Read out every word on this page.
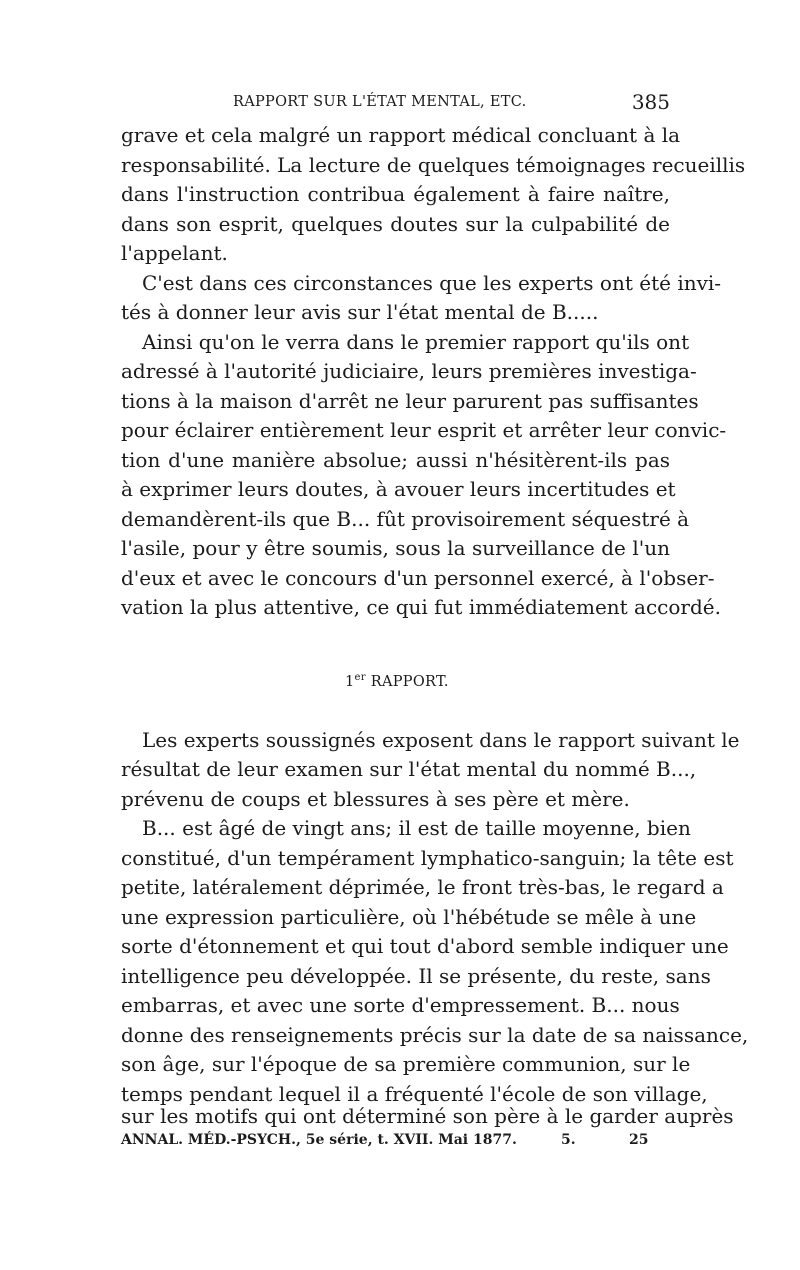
RAPPORT SUR L'ÉTAT MENTAL, ETC.	385
grave et cela malgré un rapport médical concluant à la
responsabilité. La lecture de quelques témoignages recueillis
dans l'instruction contribua également à faire naître,
dans son esprit, quelques doutes sur la culpabilité de
l'appelant.
C'est dans ces circonstances que les experts ont été invi-
tés à donner leur avis sur l'état mental de B.....
Ainsi qu'on le verra dans le premier rapport qu'ils ont
adressé à l'autorité judiciaire, leurs premières investiga-
tions à la maison d'arrêt ne leur parurent pas suffisantes
pour éclairer entièrement leur esprit et arrêter leur convic-
tion d'une manière absolue; aussi n'hésitèrent-ils pas
à exprimer leurs doutes, à avouer leurs incertitudes et
demandèrent-ils que B... fût provisoirement séquestré à
l'asile, pour y être soumis, sous la surveillance de l'un
d'eux et avec le concours d'un personnel exercé, à l'obser-
vation la plus attentive, ce qui fut immédiatement accordé.
1er RAPPORT.
Les experts soussignés exposent dans le rapport suivant le
résultat de leur examen sur l'état mental du nommé B...,
prévenu de coups et blessures à ses père et mère.
B... est âgé de vingt ans; il est de taille moyenne, bien
constitué, d'un tempérament lymphatico-sanguin; la tête est
petite, latéralement déprimée, le front très-bas, le regard a
une expression particulière, où l'hébétude se mêle à une
sorte d'étonnement et qui tout d'abord semble indiquer une
intelligence peu développée. Il se présente, du reste, sans
embarras, et avec une sorte d'empressement. B... nous
donne des renseignements précis sur la date de sa naissance,
son âge, sur l'époque de sa première communion, sur le
temps pendant lequel il a fréquenté l'école de son village,
sur les motifs qui ont déterminé son père à le garder auprès
ANNAL. MÉD.-PSYCH., 5e série, t. XVII. Mai 1877.	5.	25
